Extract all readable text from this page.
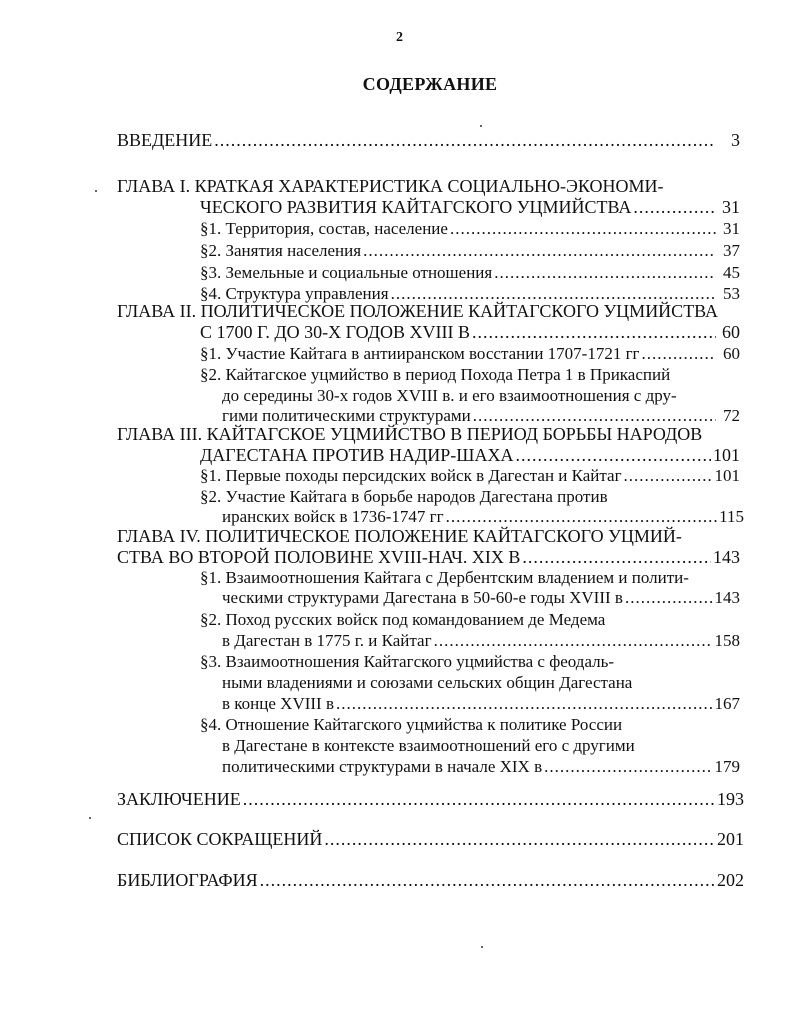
2
СОДЕРЖАНИЕ
ВВЕДЕНИЕ .....	3
ГЛАВА I. КРАТКАЯ ХАРАКТЕРИСТИКА СОЦИАЛЬНО-ЭКОНОМИ-
ЧЕСКОГО РАЗВИТИЯ КАЙТАГСКОГО УЦМИЙСТВА .....	31
§1. Территория, состав, население .....	31
§2. Занятия населения .....	37
§3. Земельные и социальные отношения .....	45
§4. Структура управления .....	53
ГЛАВА II. ПОЛИТИЧЕСКОЕ ПОЛОЖЕНИЕ КАЙТАГСКОГО УЦМИЙСТВА
С 1700 Г. ДО 30-Х ГОДОВ XVIII В .....	60
§1. Участие Кайтага в антииранском восстании 1707-1721 гг .....	60
§2. Кайтагское уцмийство в период Похода Петра 1 в Прикаспий
до середины 30-х годов XVIII в. и его взаимоотношения с дру-
гими политическими структурами .....	72
ГЛАВА III. КАЙТАГСКОЕ УЦМИЙСТВО В ПЕРИОД БОРЬБЫ НАРОДОВ
ДАГЕСТАНА ПРОТИВ НАДИР-ШАХА .....	101
§1. Первые походы персидских войск в Дагестан и Кайтаг .....	101
§2. Участие Кайтага в борьбе народов Дагестана против
иранских войск в 1736-1747 гг .....	115
ГЛАВА IV. ПОЛИТИЧЕСКОЕ ПОЛОЖЕНИЕ КАЙТАГСКОГО УЦМИЙ-
СТВА ВО ВТОРОЙ ПОЛОВИНЕ XVIII-НАЧ. XIX В .....	143
§1. Взаимоотношения Кайтага с Дербентским владением и полити-
ческими структурами Дагестана в 50-60-е годы XVIII в .....	143
§2. Поход русских войск под командованием де Медема
в Дагестан в 1775 г. и Кайтаг .....	158
§3. Взаимоотношения Кайтагского уцмийства с феодаль-
ными владениями и союзами сельских общин Дагестана
в конце XVIII в .....	167
§4. Отношение Кайтагского уцмийства к политике России
в Дагестане в контексте взаимоотношений его с другими
политическими структурами в начале XIX в .....	179
ЗАКЛЮЧЕНИЕ .....	193
СПИСОК СОКРАЩЕНИЙ .....	201
БИБЛИОГРАФИЯ .....	202
